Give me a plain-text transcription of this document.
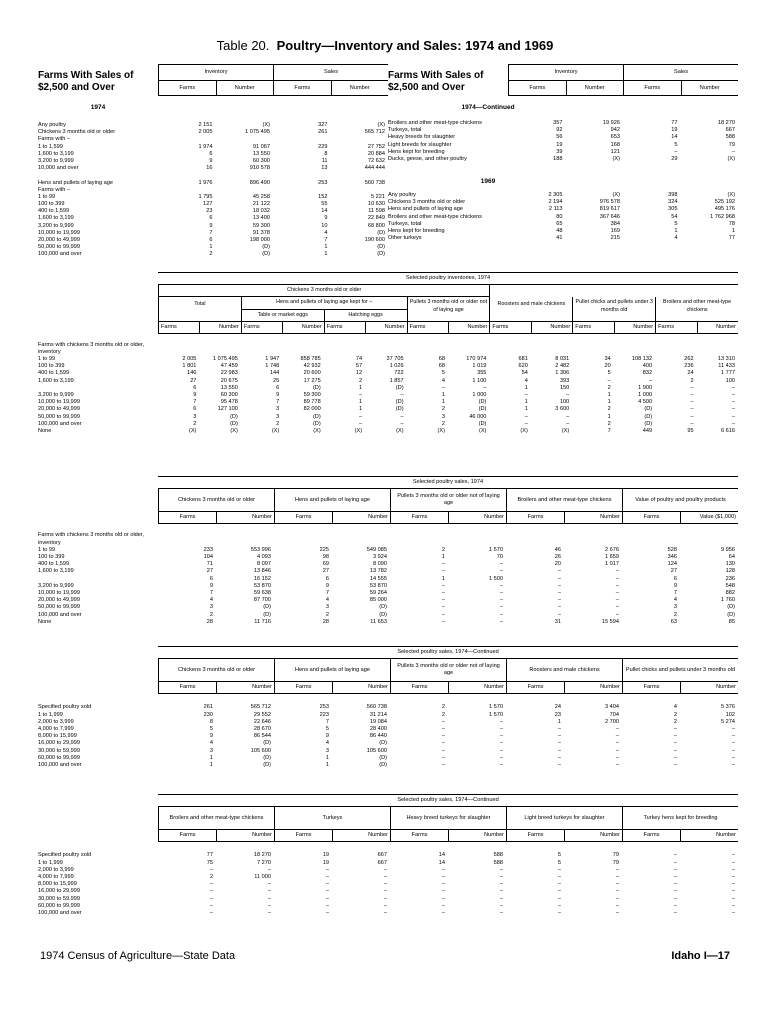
Table 20. Poultry—Inventory and Sales: 1974 and 1969
Farms With Sales of
$2,500 and Over
Inventory	Sales
Farms	Number	Farms	Number
1974
Any poultry	2 151	(X)	327	(X)
Chickens 3 months old or older	2 005	1 075 495	261	565 712
Farms with –
1 to 1,599	1 974	91 067	229	27 752
1,600 to 3,199	6	13 550	8	20 884
3,200 to 9,999	9	60 300	11	72 632
10,000 and over	16	910 578	13	444 444
Hens and pullets of laying age	1 976	896 490	253	560 738
Farms with –
1 to 99	1 795	45 258	152	5 221
100 to 399	127	21 122	55	10 630
400 to 1,599	23	18 032	14	11 598
1,600 to 3,199	6	13 400	9	22 849
3,200 to 9,999	9	59 300	10	68 800
10,000 to 19,999	7	91 378	4	(D)
20,000 to 49,999	6	198 000	7	190 600
50,000 to 99,999	1	(D)	1	(D)
100,000 and over	2	(D)	1	(D)
Farms With Sales of
$2,500 and Over
Inventory	Sales
Farms	Number	Farms	Number
1974—Continued
Broilers and other meat-type chickens	357	19 926	77	18 270
Turkeys, total	92	942	19	667
Heavy breeds for slaughter	56	653	14	588
Light breeds for slaughter	19	168	5	79
Hens kept for breeding	39	121	–	–
Ducks, geese, and other poultry	188	(X)	29	(X)
1969
Any poultry	2 305	(X)	398	(X)
Chickens 3 months old or older	2 194	976 578	324	525 192
Hens and pullets of laying age	2 113	819 617	305	495 176
Broilers and other meat-type chickens	80	367 646	54	1 762 968
Turkeys, total	65	384	5	78
Hens kept for breeding	48	169	1	1
Other turkeys	41	215	4	77
Selected poultry inventories, 1974
Chickens 3 months old or older
Total	Hens and pullets of laying age kept for –	Pullets 3 months old or older not of laying age
Roosters and male chickens	Pullet chicks and pullets under 3 months old
Broilers and other meat-type chickens
Table or market eggs	Hatching eggs
Farms	Number Farms	Number Farms	Number Farms	Number Farms	Number Farms	Number Farms	Number
Farms with chickens 3 months old or older, inventory
1 to 99	2 005	1 075 495	1 947	858 785	74	37 705	68	170 974	681	8 031	34	108 132	262	13 310
100 to 399	1 801	47 459	1 748	42 932	57	1 026	68	1 019	620	2 482	20	400	236	11 433
400 to 1,599	146	22 983	144	20 600	12	722	5	355	54	1 306	5	832	24	1 777
1,600 to 3,199	27	20 675	25	17 275	2	1 857	4	1 100	4	393	–	–	2	100
6	13 550	6	(D)	1	(D)	–	–	1	150	2	1 900	–	–
3,200 to 9,999	9	60 300	9	59 300	–	–	1	1 000	–	–	1	1 000	–	–
10,000 to 19,999	7	95 478	7	89 778	1	(D)	1	(D)	1	100	1	4 500	–	–
20,000 to 49,999	6	127 100	3	82 000	1	(D)	2	(D)	1	3 600	2	(D)	–	–
50,000 to 99,999	3	(D)	3	(D)	–	–	3	46 000	–	–	1	(D)	–	–
100,000 and over	2	(D)	2	(D)	–	–	2	(D)	–	–	2	(D)	–	–
None	(X)	(X)	(X)	(X)	(X)	(X)	(X)	(X)	(X)	(X)	7	449	95	6 616
Selected poultry sales, 1974
Chickens 3 months old or older	Hens and pullets of laying age
Pullets 3 months old or older not of laying age
Broilers and other meat-type chickens	Value of poultry and poultry products
Farms	Number	Farms	Number	Farms	Number	Farms	Number	Farms	Value ($1,000)
Farms with chickens 3 months old or older, inventory
1 to 99	233	553 996	225	549 085	2	1 570	46	2 676	528	9 956
100 to 399	104	4 093	98	3 924	1	70	26	1 659	346	64
400 to 1,599	71	8 097	69	8 090	–	–	20	1 017	124	130
1,600 to 3,199	27	13 846	27	13 782	–	–	–	–	27	128
6	16 152	6	14 555	1	1 500	–	–	6	236
3,200 to 9,999	9	53 870	9	53 870	–	–	–	–	9	548
10,000 to 19,999	7	59 638	7	59 264	–	–	–	–	7	882
20,000 to 49,999	4	87 700	4	85 000	–	–	–	–	4	1 760
50,000 to 99,999	3	(D)	3	(D)	–	–	–	–	3	(D)
100,000 and over	2	(D)	2	(D)	–	–	–	–	2	(D)
None	28	11 716	28	11 653	–	–	31	15 594	63	85
Selected poultry sales, 1974—Continued
Chickens 3 months old or older	Hens and pullets of laying age
Pullets 3 months old or older not of laying age
Roosters and male chickens	Pullet chicks and pullets under 3 months old
Farms	Number	Farms	Number	Farms	Number	Farms	Number	Farms	Number
Specified poultry sold	261	565 712	253	560 738	2	1 570	24	3 404	4	5 376
1 to 1,999	230	29 552	223	31 214	2	1 570	23	704	2	102
2,000 to 3,999	8	22 646	7	19 084	–	–	1	2 700	2	5 274
4,000 to 7,999	5	28 670	5	28 400	–	–	–	–	–	–
8,000 to 15,999	9	86 544	9	86 440	–	–	–	–	–	–
16,000 to 29,999	4	(D)	4	(D)	–	–	–	–	–	–
30,000 to 59,999	3	105 600	3	105 600	–	–	–	–	–	–
60,000 to 99,999	1	(D)	1	(D)	–	–	–	–	–	–
100,000 and over	1	(D)	1	(D)	–	–	–	–	–	–
Selected poultry sales, 1974—Continued
Broilers and other meat-type chickens	Turkeys	Heavy breed turkeys for slaughter	Light breed turkeys for slaughter	Turkey hens kept for breeding
Farms	Number	Farms	Number	Farms	Number	Farms	Number	Farms	Number
Specified poultry sold	77	18 270	19	667	14	588	5	79	–	–
1 to 1,999	75	7 270	19	667	14	588	5	79	–	–
2,000 to 3,999	–	–	–	–	–	–	–	–	–	–
4,000 to 7,999	2	11 000	–	–	–	–	–	–	–	–
8,000 to 15,999	–	–	–	–	–	–	–	–	–	–
16,000 to 29,999	–	–	–	–	–	–	–	–	–	–
30,000 to 59,999	–	–	–	–	–	–	–	–	–	–
60,000 to 99,999	–	–	–	–	–	–	–	–	–	–
100,000 and over	–	–	–	–	–	–	–	–	–	–
1974 Census of Agriculture—State Data	Idaho I—17
